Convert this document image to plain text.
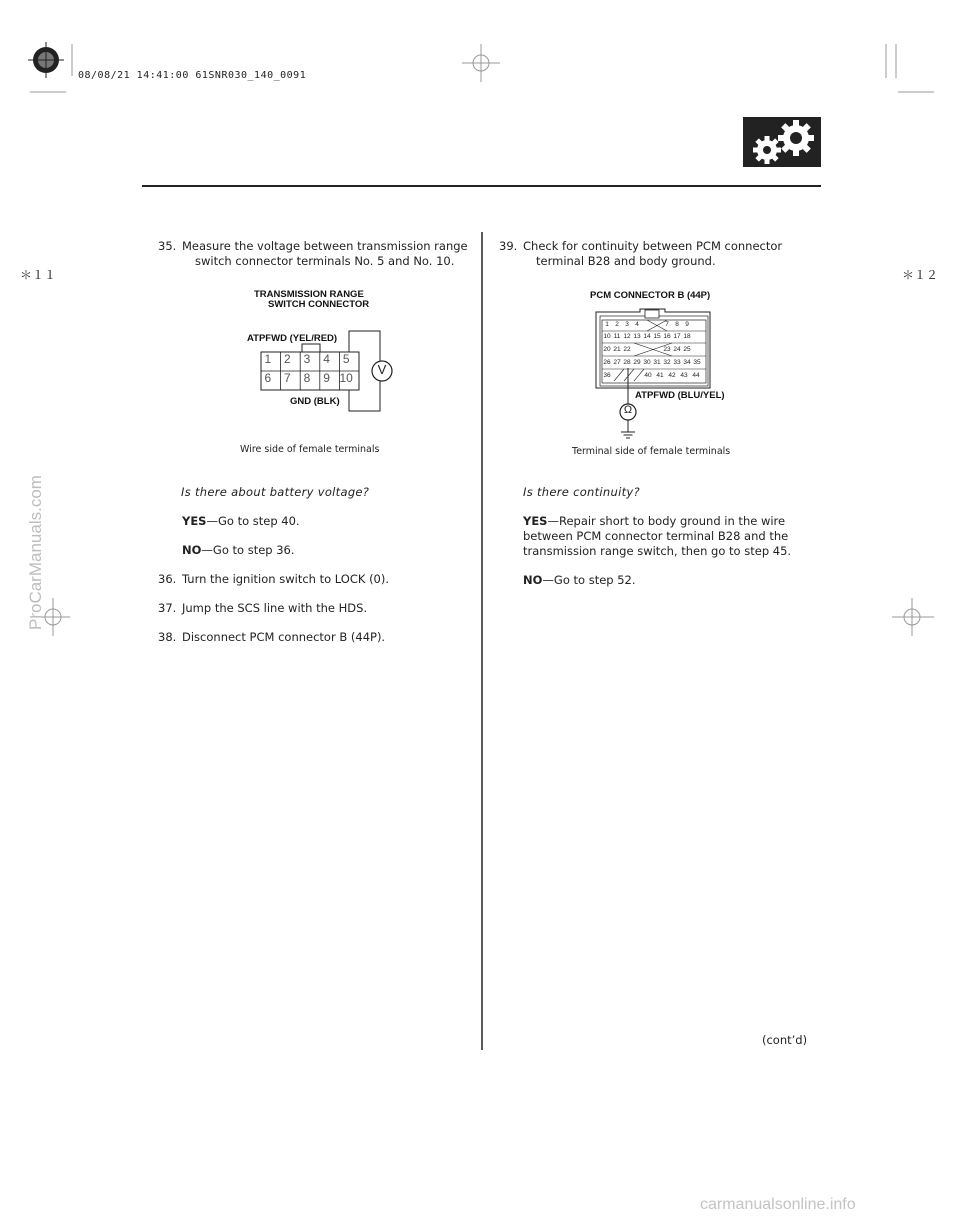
08/08/21 14:41:00 61SNR030_140_0091
＊１１	＊１２
ProCarManuals.com
carmanualsonline.info
35. Measure the voltage between transmission range
switch connector terminals No. 5 and No. 10.
TRANSMISSION RANGE
SWITCH CONNECTOR
ATPFWD (YEL/RED)
GND (BLK)
1	2	3	4	5
6	7	8	9 10
V
Wire side of female terminals
Is there about battery voltage?
YES—Go to step 40.
NO—Go to step 36.
36. Turn the ignition switch to LOCK (0).
37. Jump the SCS line with the HDS.
38. Disconnect PCM connector B (44P).
39. Check for continuity between PCM connector
terminal B28 and body ground.
PCM CONNECTOR B (44P)
Ω
1 2 3 4	7 8 9
10 11 12 13 14 15 16 17 18
20 21 22	23 24 25
26 27 28 29 30 31 32 33 34 35
36	40 41 42 43 44
ATPFWD (BLU/YEL)
Terminal side of female terminals
Is there continuity?
YES—Repair short to body ground in the wire
between PCM connector terminal B28 and the
transmission range switch, then go to step 45.
NO—Go to step 52.
(cont’d)
